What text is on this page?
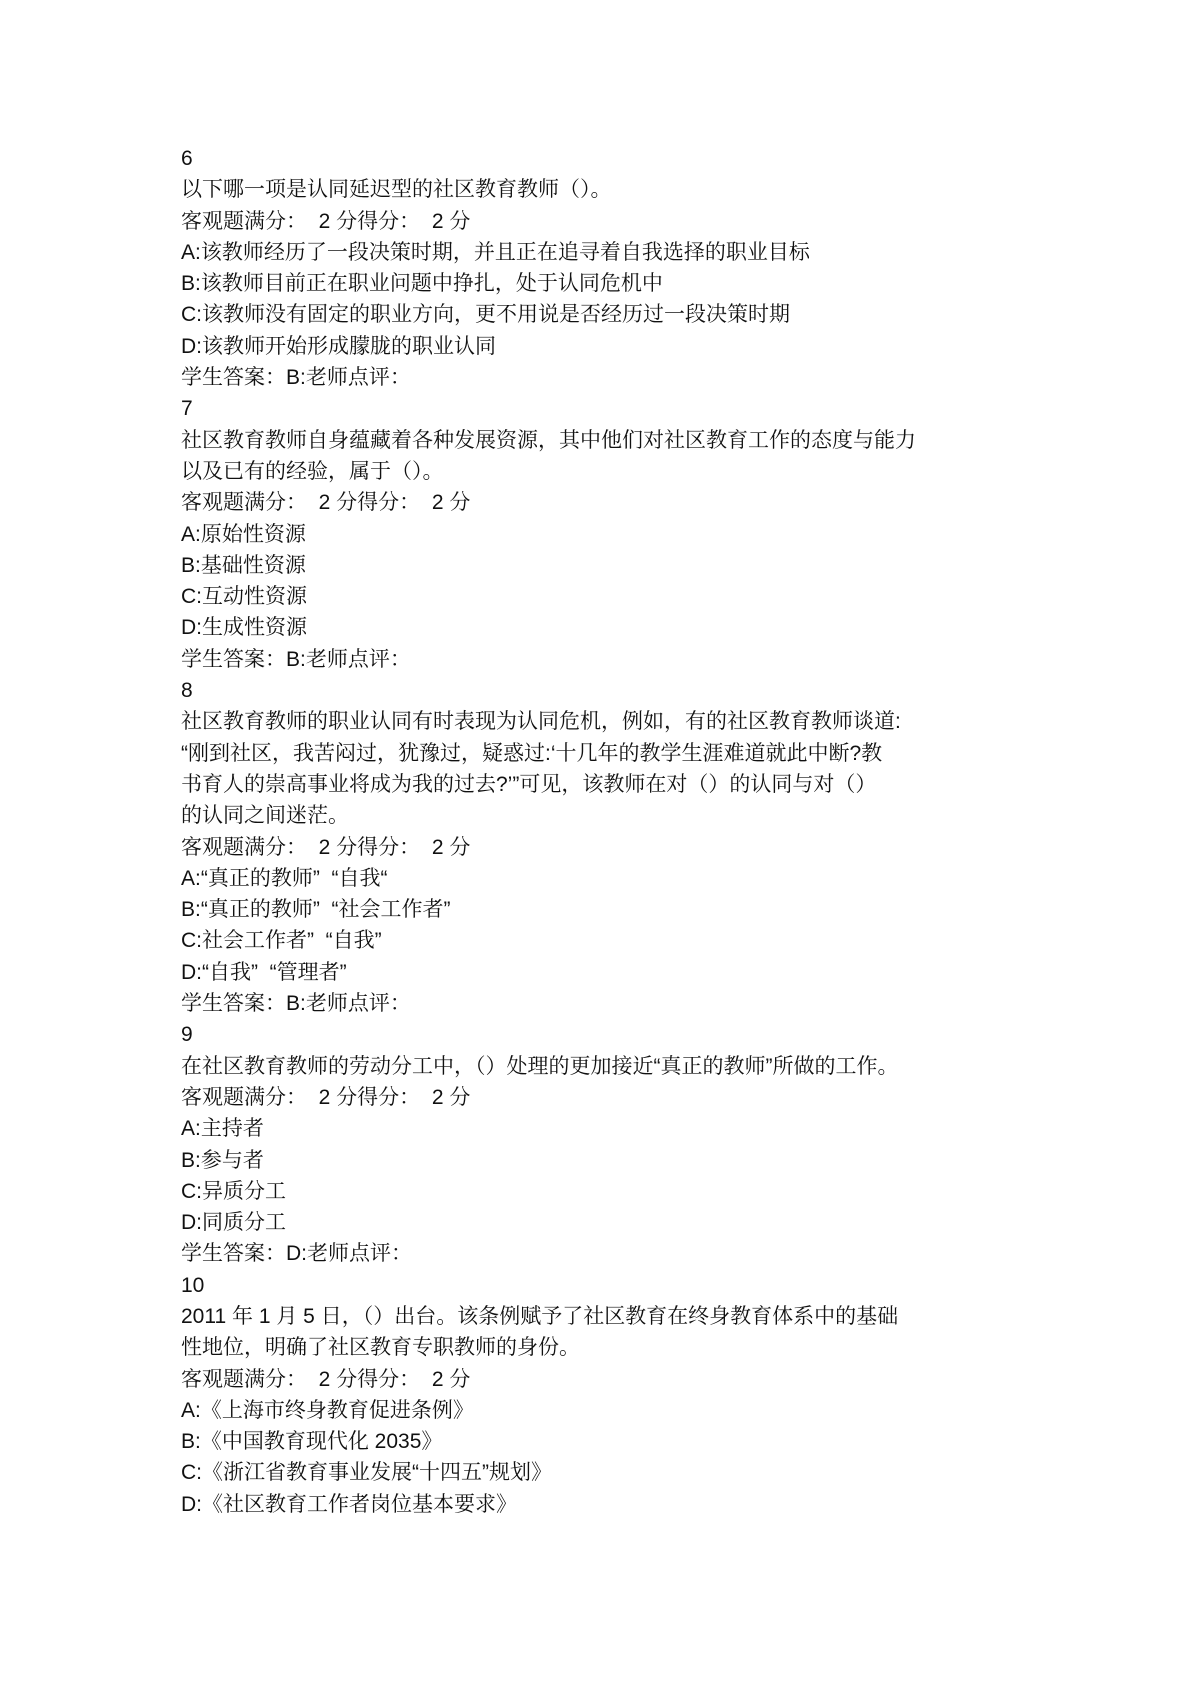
6

以下哪一项是认同延迟型的社区教育教师（）。

客观题满分：  2 分得分：  2 分

A:该教师经历了一段决策时期，并且正在追寻着自我选择的职业目标

B:该教师目前正在职业问题中挣扎，处于认同危机中

C:该教师没有固定的职业方向，更不用说是否经历过一段决策时期

D:该教师开始形成朦胧的职业认同

学生答案：B:老师点评：

7

社区教育教师自身蕴藏着各种发展资源，其中他们对社区教育工作的态度与能力

以及已有的经验，属于（）。

客观题满分：  2 分得分：  2 分

A:原始性资源

B:基础性资源

C:互动性资源

D:生成性资源

学生答案：B:老师点评：

8

社区教育教师的职业认同有时表现为认同危机，例如，有的社区教育教师谈道:

“刚到社区，我苦闷过，犹豫过，疑惑过:‘十几年的教学生涯难道就此中断?教

书育人的崇高事业将成为我的过去?’”可见，该教师在对（）的认同与对（）

的认同之间迷茫。

客观题满分：  2 分得分：  2 分

A:“真正的教师”  “自我“

B:“真正的教师”  “社会工作者”

C:社会工作者”  “自我”

D:“自我”  “管理者”

学生答案：B:老师点评：

9

在社区教育教师的劳动分工中，（）处理的更加接近“真正的教师”所做的工作。

客观题满分：  2 分得分：  2 分

A:主持者

B:参与者

C:异质分工

D:同质分工

学生答案：D:老师点评：

10

2011 年 1 月 5 日，（）出台。该条例赋予了社区教育在终身教育体系中的基础

性地位，明确了社区教育专职教师的身份。

客观题满分：  2 分得分：  2 分

A:《上海市终身教育促进条例》

B:《中国教育现代化 2035》

C:《浙江省教育事业发展“十四五”规划》

D:《社区教育工作者岗位基本要求》
